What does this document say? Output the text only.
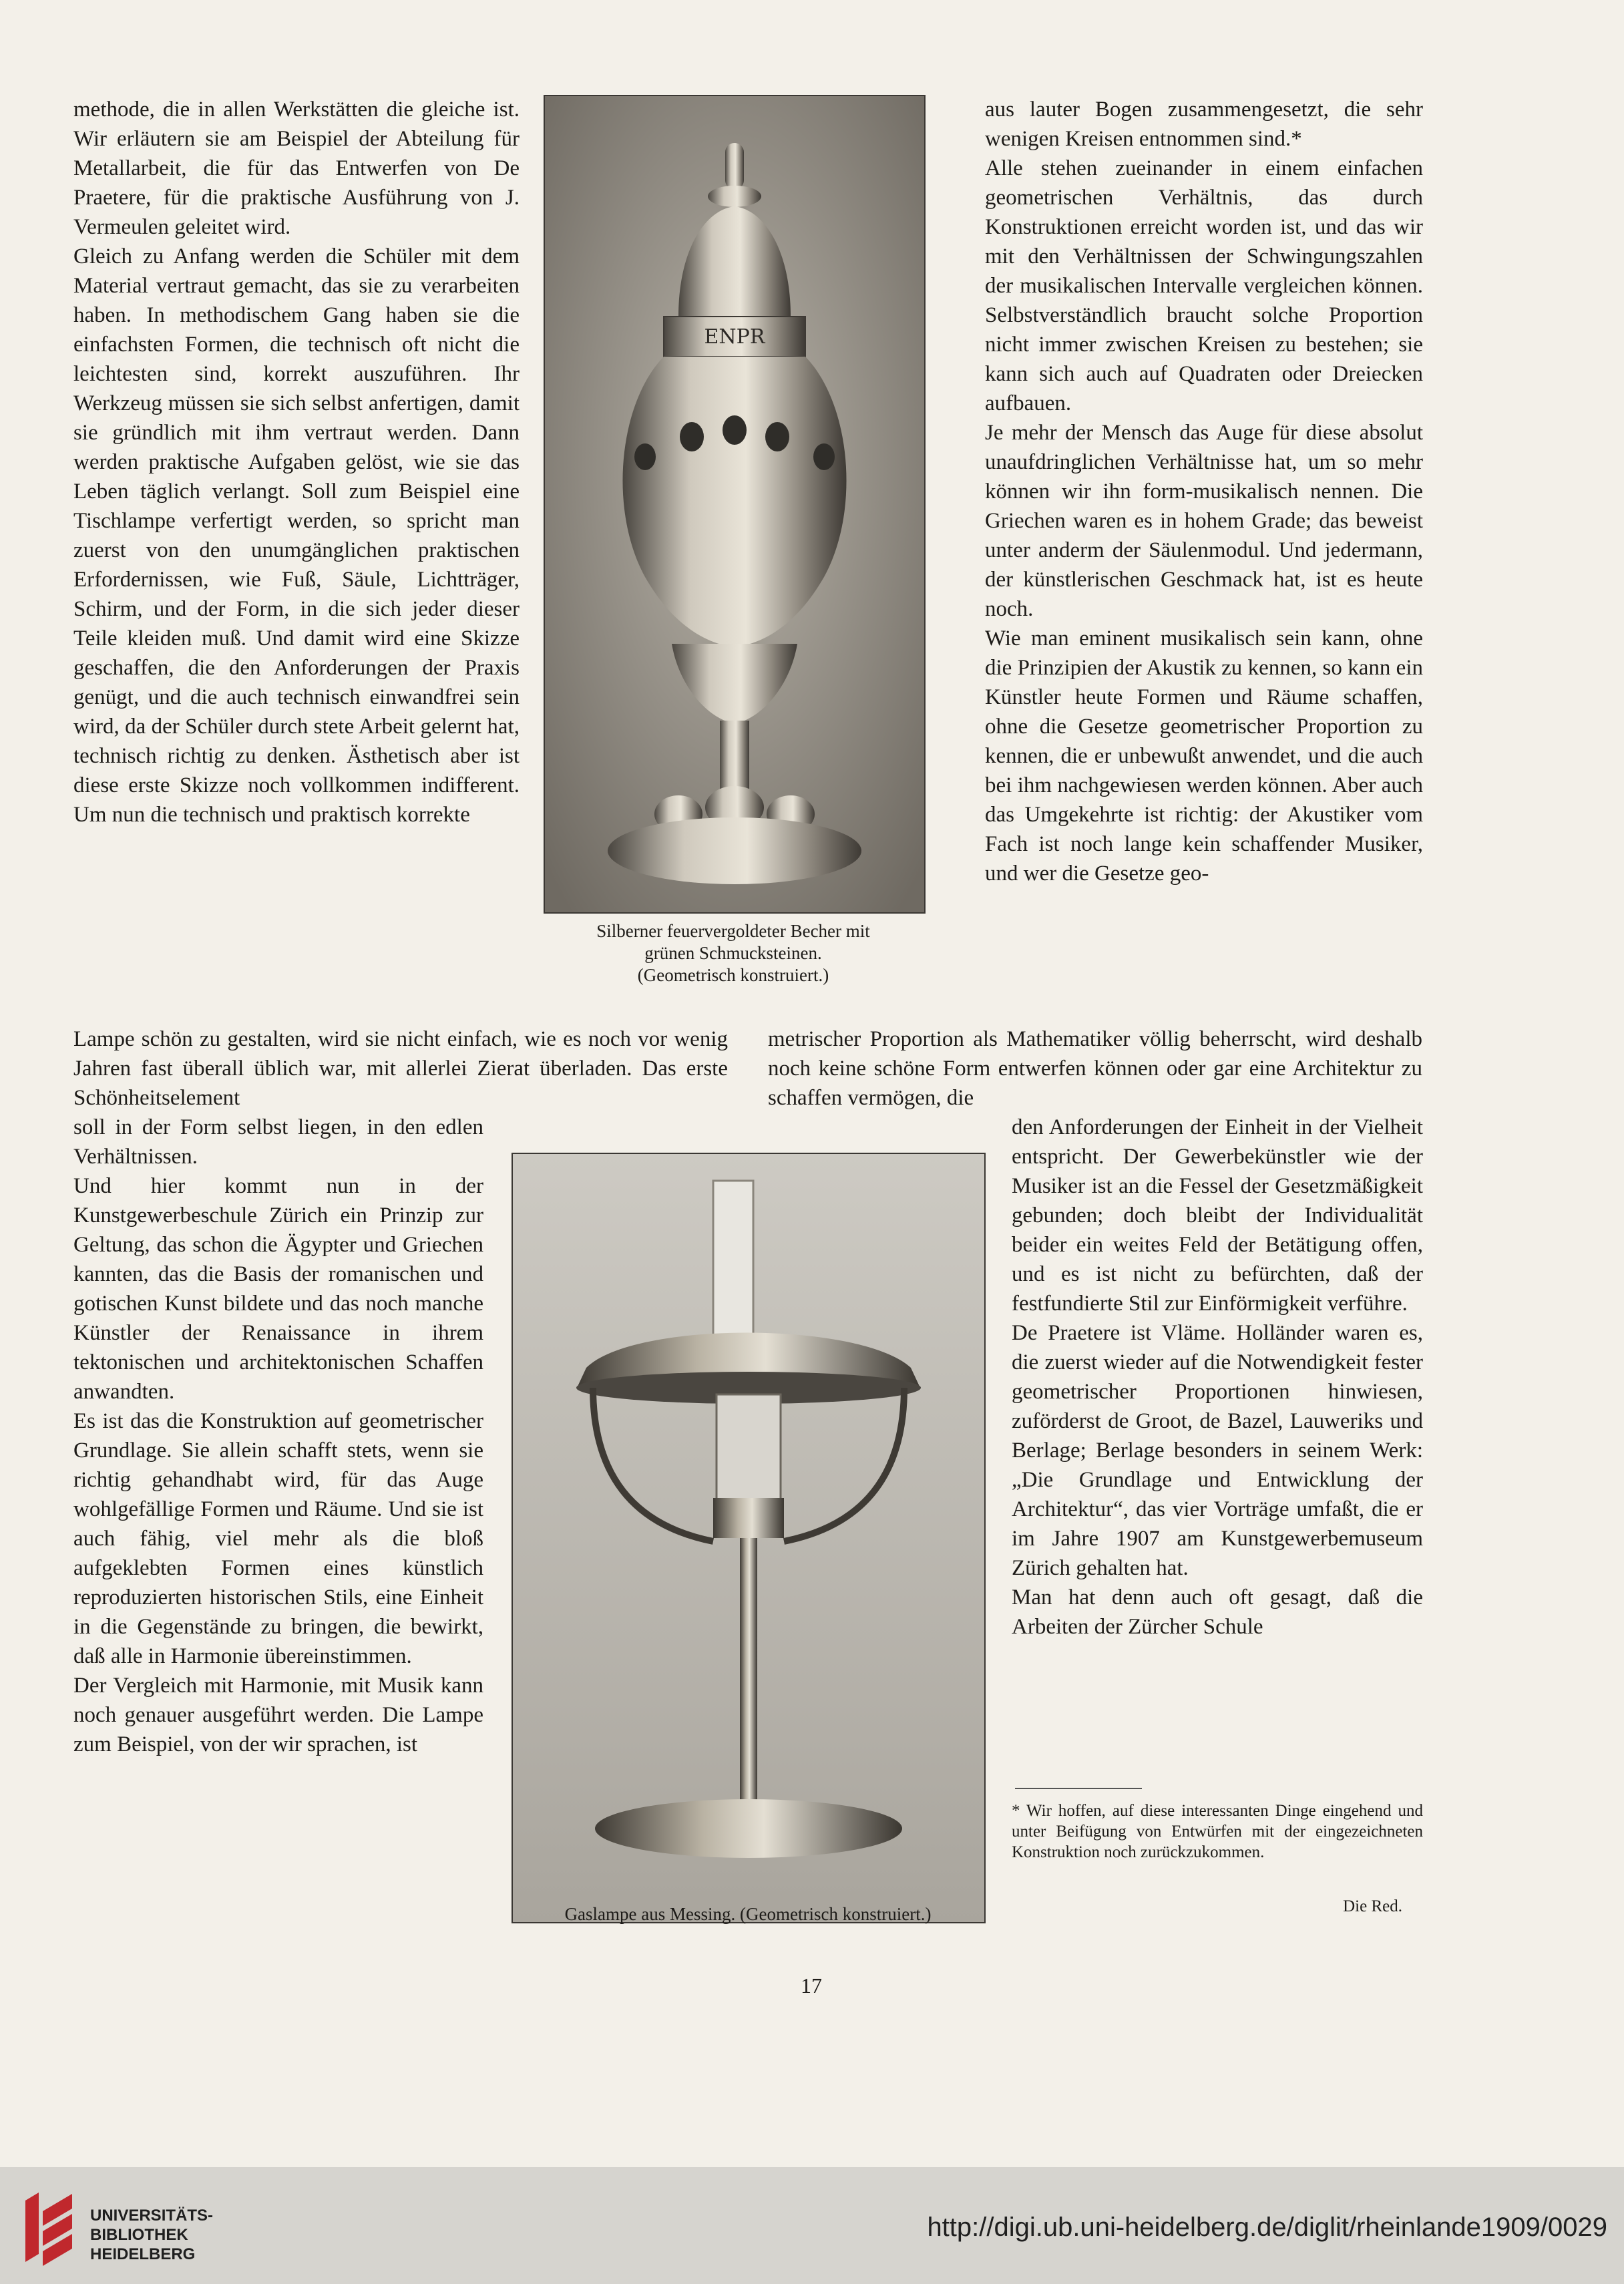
methode, die in allen Werkstätten die gleiche ist. Wir erläutern sie am Beispiel der Abteilung für Metallarbeit, die für das Entwerfen von De Praetere, für die praktische Ausführung von J. Vermeulen geleitet wird.
Gleich zu Anfang werden die Schüler mit dem Material vertraut gemacht, das sie zu verarbeiten haben. In methodischem Gang haben sie die einfachsten Formen, die technisch oft nicht die leichtesten sind, korrekt auszuführen. Ihr Werkzeug müssen sie sich selbst anfertigen, damit sie gründlich mit ihm vertraut werden. Dann werden praktische Aufgaben gelöst, wie sie das Leben täglich verlangt. Soll zum Beispiel eine Tischlampe verfertigt werden, so spricht man zuerst von den unumgänglichen praktischen Erfordernissen, wie Fuß, Säule, Lichtträger, Schirm, und der Form, in die sich jeder dieser Teile kleiden muß. Und damit wird eine Skizze geschaffen, die den Anforderungen der Praxis genügt, und die auch technisch einwandfrei sein wird, da der Schüler durch stete Arbeit gelernt hat, technisch richtig zu denken. Ästhetisch aber ist diese erste Skizze noch vollkommen indifferent. Um nun die technisch und praktisch korrekte
ENPR
Silberner feuervergoldeter Becher mit
grünen Schmucksteinen.
(Geometrisch konstruiert.)
aus lauter Bogen zusammengesetzt, die sehr wenigen Kreisen entnommen sind.*
Alle stehen zueinander in einem einfachen geometrischen Verhältnis, das durch Konstruktionen erreicht worden ist, und das wir mit den Verhältnissen der Schwingungszahlen der musikalischen Intervalle vergleichen können. Selbstverständlich braucht solche Proportion nicht immer zwischen Kreisen zu bestehen; sie kann sich auch auf Quadraten oder Dreiecken aufbauen.
Je mehr der Mensch das Auge für diese absolut unaufdringlichen Verhältnisse hat, um so mehr können wir ihn form-musikalisch nennen. Die Griechen waren es in hohem Grade; das beweist unter anderm der Säulenmodul. Und jedermann, der künstlerischen Geschmack hat, ist es heute noch.
Wie man eminent musikalisch sein kann, ohne die Prinzipien der Akustik zu kennen, so kann ein Künstler heute Formen und Räume schaffen, ohne die Gesetze geometrischer Proportion zu kennen, die er unbewußt anwendet, und die auch bei ihm nachgewiesen werden können. Aber auch das Umgekehrte ist richtig: der Akustiker vom Fach ist noch lange kein schaffender Musiker, und wer die Gesetze geo-
Lampe schön zu gestalten, wird sie nicht einfach, wie es noch vor wenig Jahren fast überall üblich war, mit allerlei Zierat überladen. Das erste Schönheitselement
metrischer Proportion als Mathematiker völlig beherrscht, wird deshalb noch keine schöne Form entwerfen können oder gar eine Architektur zu schaffen vermögen, die
soll in der Form selbst liegen, in den edlen Verhältnissen.
Und hier kommt nun in der Kunstgewerbeschule Zürich ein Prinzip zur Geltung, das schon die Ägypter und Griechen kannten, das die Basis der romanischen und gotischen Kunst bildete und das noch manche Künstler der Renaissance in ihrem tektonischen und architektonischen Schaffen anwandten.
Es ist das die Konstruktion auf geometrischer Grundlage. Sie allein schafft stets, wenn sie richtig gehandhabt wird, für das Auge wohlgefällige Formen und Räume. Und sie ist auch fähig, viel mehr als die bloß aufgeklebten Formen eines künstlich reproduzierten historischen Stils, eine Einheit in die Gegenstände zu bringen, die bewirkt, daß alle in Harmonie übereinstimmen.
Der Vergleich mit Harmonie, mit Musik kann noch genauer ausgeführt werden. Die Lampe zum Beispiel, von der wir sprachen, ist
Gaslampe aus Messing. (Geometrisch konstruiert.)
den Anforderungen der Einheit in der Vielheit entspricht. Der Gewerbekünstler wie der Musiker ist an die Fessel der Gesetzmäßigkeit gebunden; doch bleibt der Individualität beider ein weites Feld der Betätigung offen, und es ist nicht zu befürchten, daß der festfundierte Stil zur Einförmigkeit verführe.
De Praetere ist Vläme. Holländer waren es, die zuerst wieder auf die Notwendigkeit fester geometrischer Proportionen hinwiesen, zuförderst de Groot, de Bazel, Lauweriks und Berlage; Berlage besonders in seinem Werk: „Die Grundlage und Entwicklung der Architektur“, das vier Vorträge umfaßt, die er im Jahre 1907 am Kunstgewerbemuseum Zürich gehalten hat.
Man hat denn auch oft gesagt, daß die Arbeiten der Zürcher Schule
* Wir hoffen, auf diese interessanten Dinge eingehend und unter Beifügung von Entwürfen mit der eingezeichneten Konstruktion noch zurückzukommen.
Die Red.
17
UNIVERSITÄTS-
BIBLIOTHEK
HEIDELBERG
http://digi.ub.uni-heidelberg.de/diglit/rheinlande1909/0029
